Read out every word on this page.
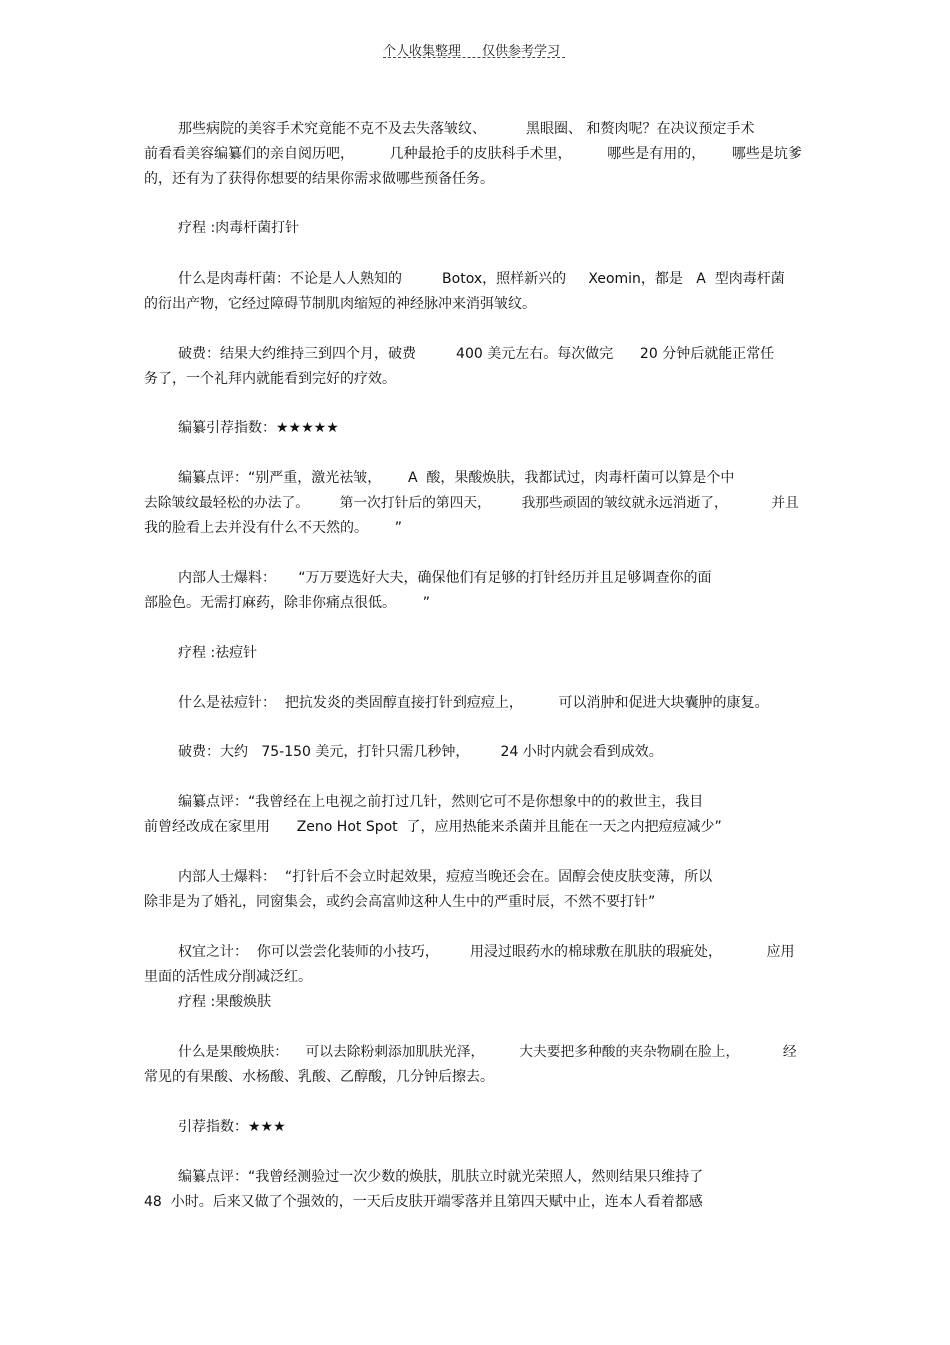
个人收集整理 仅供参考学习
那些病院的美容手术究竟能不克不及去失落皱纹、         黑眼圈、 和赘肉呢？在决议预定手术
前看看美容编纂们的亲自阅历吧，        几种最抢手的皮肤科手术里，        哪些是有用的，      哪些是坑爹
的，还有为了获得你想要的结果你需求做哪些预备任务。
疗程 :肉毒杆菌打针
什么是肉毒杆菌：不论是人人熟知的         Botox，照样新兴的     Xeomin，都是   A  型肉毒杆菌
的衍出产物，它经过障碍节制肌肉缩短的神经脉冲来消弭皱纹。
破费：结果大约维持三到四个月，破费         400 美元左右。每次做完      20 分钟后就能正常任
务了，一个礼拜内就能看到完好的疗效。
编纂引荐指数：★★★★★
编纂点评：“别严重，激光祛皱，      A  酸，果酸焕肤，我都试过，肉毒杆菌可以算是个中
去除皱纹最轻松的办法了。       第一次打针后的第四天，       我那些顽固的皱纹就永远消逝了，          并且
我的脸看上去并没有什么不天然的。      ”
内部人士爆料：     “万万要选好大夫，确保他们有足够的打针经历并且足够调查你的面
部脸色。无需打麻药，除非你痛点很低。      ”
疗程 :祛痘针
什么是祛痘针：  把抗发炎的类固醇直接打针到痘痘上，        可以消肿和促进大块囊肿的康复。
破费：大约   75-150 美元，打针只需几秒钟，       24 小时内就会看到成效。
编纂点评：“我曾经在上电视之前打过几针，然则它可不是你想象中的的救世主，我目
前曾经改成在家里用      Zeno Hot Spot  了，应用热能来杀菌并且能在一天之内把痘痘减少”
内部人士爆料：  “打针后不会立时起效果，痘痘当晚还会在。固醇会使皮肤变薄，所以
除非是为了婚礼，同窗集会，或约会高富帅这种人生中的严重时辰，不然不要打针”
权宜之计：  你可以尝尝化装师的小技巧，       用浸过眼药水的棉球敷在肌肤的瑕疵处，          应用
里面的活性成分削减泛红。
疗程 :果酸焕肤
什么是果酸焕肤：    可以去除粉刺添加肌肤光泽，        大夫要把多种酸的夹杂物刷在脸上，          经
常见的有果酸、水杨酸、乳酸、乙醇酸，几分钟后擦去。
引荐指数：★★★
编纂点评：“我曾经测验过一次少数的焕肤，肌肤立时就光荣照人，然则结果只维持了
48  小时。后来又做了个强效的，一天后皮肤开端零落并且第四天赋中止，连本人看着都感
